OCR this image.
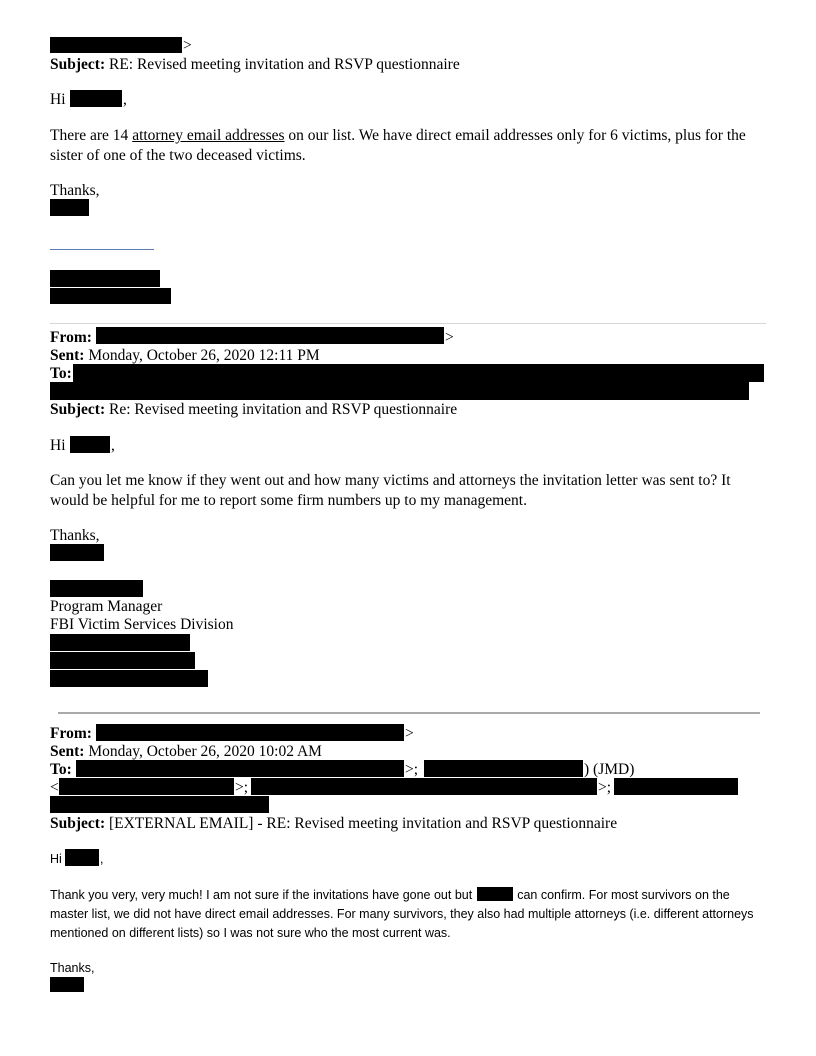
>
Subject: RE: Revised meeting invitation and RSVP questionnaire
Hi	,
There are 14 attorney email addresses on our list. We have direct email addresses only for 6 victims, plus for the sister of one of the two deceased victims.
Thanks,
From:	>
Sent: Monday, October 26, 2020 12:11 PM
To:
Subject: Re: Revised meeting invitation and RSVP questionnaire
Hi	,
Can you let me know if they went out and how many victims and attorneys the invitation letter was sent to? It would be helpful for me to report some firm numbers up to my management.
Thanks,
Program Manager
FBI Victim Services Division
From:	>
Sent: Monday, October 26, 2020 10:02 AM
To:	>;	) (JMD)
<	>;	>;
Subject: [EXTERNAL EMAIL] - RE: Revised meeting invitation and RSVP questionnaire
Hi	,
Thank you very, very much! I am not sure if the invitations have gone out but	can confirm. For most survivors on the master list, we did not have direct email addresses. For many survivors, they also had multiple attorneys (i.e. different attorneys mentioned on different lists) so I was not sure who the most current was.
Thanks,
